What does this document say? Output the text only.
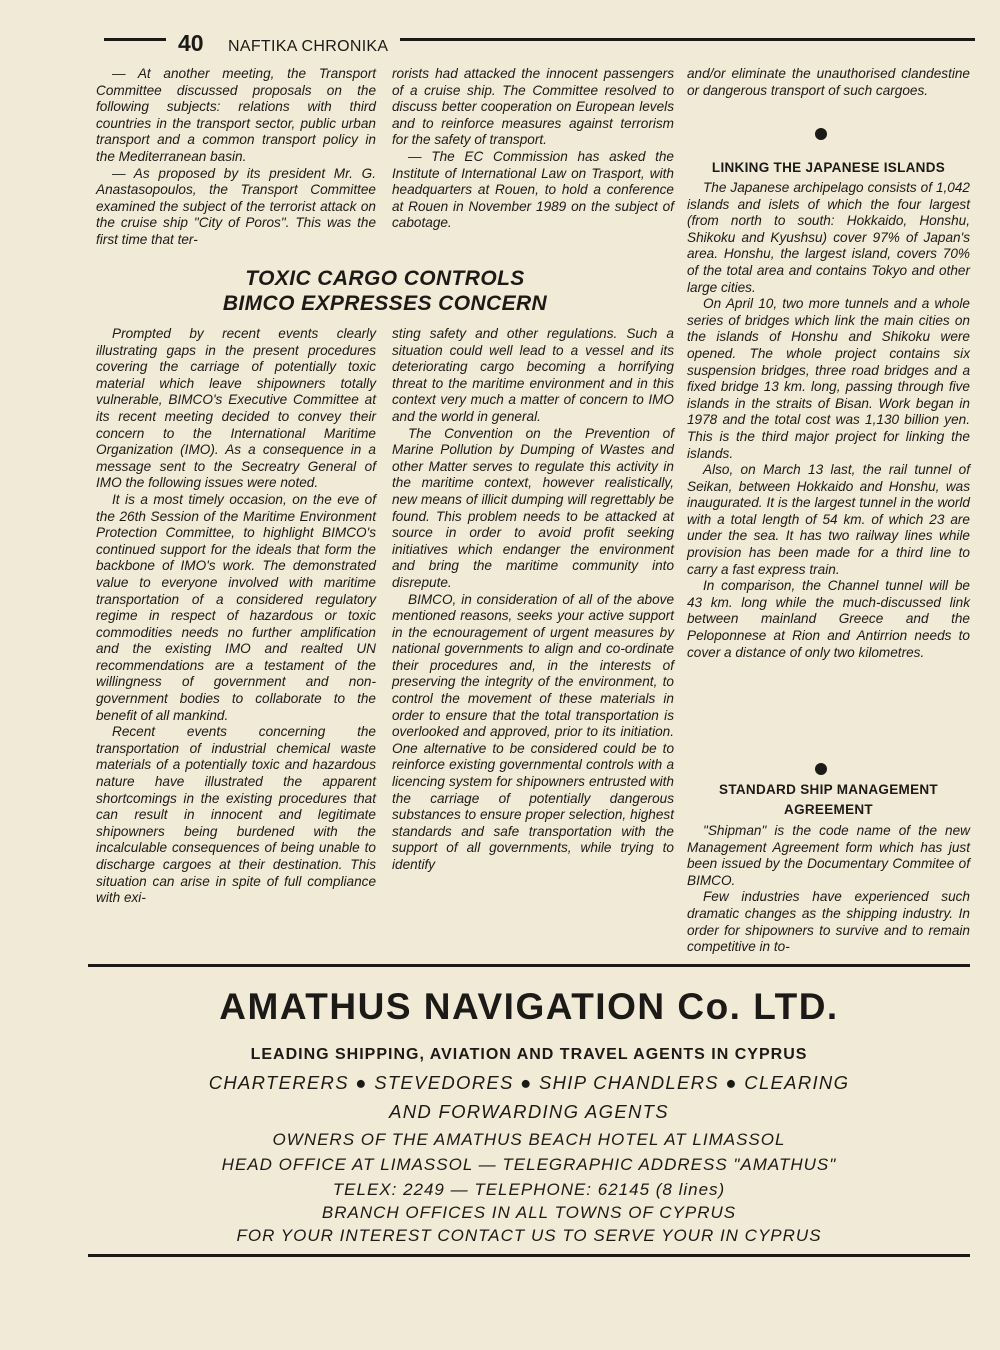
40 NAFTIKA CHRONIKA

— At another meeting, the Transport Committee discussed proposals on the following subjects: relations with third countries in the transport sector, public urban transport and a common transport policy in the Mediterranean basin.

— As proposed by its president Mr. G. Anastasopoulos, the Transport Committee examined the subject of the terrorist attack on the cruise ship "City of Poros". This was the first time that ter-

rorists had attacked the innocent passengers of a cruise ship. The Committee resolved to discuss better cooperation on European levels and to reinforce measures against terrorism for the safety of transport.

— The EC Commission has asked the Institute of International Law on Trasport, with headquarters at Rouen, to hold a conference at Rouen in November 1989 on the subject of cabotage.

and/or eliminate the unauthorised clandestine or dangerous transport of such cargoes.

TOXIC CARGO CONTROLS
BIMCO EXPRESSES CONCERN

Prompted by recent events clearly illustrating gaps in the present procedures covering the carriage of potentially toxic material which leave shipowners totally vulnerable, BIMCO's Executive Committee at its recent meeting decided to convey their concern to the International Maritime Organization (IMO). As a consequence in a message sent to the Secreatry General of IMO the following issues were noted.

It is a most timely occasion, on the eve of the 26th Session of the Maritime Environment Protection Committee, to highlight BIMCO's continued support for the ideals that form the backbone of IMO's work. The demonstrated value to everyone involved with maritime transportation of a considered regulatory regime in respect of hazardous or toxic commodities needs no further amplification and the existing IMO and realted UN recommendations are a testament of the willingness of government and non-government bodies to collaborate to the benefit of all mankind.

Recent events concerning the transportation of industrial chemical waste materials of a potentially toxic and hazardous nature have illustrated the apparent shortcomings in the existing procedures that can result in innocent and legitimate shipowners being burdened with the incalculable consequences of being unable to discharge cargoes at their destination. This situation can arise in spite of full compliance with exi-

sting safety and other regulations. Such a situation could well lead to a vessel and its deteriorating cargo becoming a horrifying threat to the maritime environment and in this context very much a matter of concern to IMO and the world in general.

The Convention on the Prevention of Marine Pollution by Dumping of Wastes and other Matter serves to regulate this activity in the maritime context, however realistically, new means of illicit dumping will regrettably be found. This problem needs to be attacked at source in order to avoid profit seeking initiatives which endanger the environment and bring the maritime community into disrepute.

BIMCO, in consideration of all of the above mentioned reasons, seeks your active support in the ecnouragement of urgent measures by national governments to align and co-ordinate their procedures and, in the interests of preserving the integrity of the environment, to control the movement of these materials in order to ensure that the total transportation is overlooked and approved, prior to its initiation. One alternative to be considered could be to reinforce existing governmental controls with a licencing system for shipowners entrusted with the carriage of potentially dangerous substances to ensure proper selection, highest standards and safe transportation with the support of all governments, while trying to identify

LINKING THE JAPANESE ISLANDS

The Japanese archipelago consists of 1,042 islands and islets of which the four largest (from north to south: Hokkaido, Honshu, Shikoku and Kyushsu) cover 97% of Japan's area. Honshu, the largest island, covers 70% of the total area and contains Tokyo and other large cities.

On April 10, two more tunnels and a whole series of bridges which link the main cities on the islands of Honshu and Shikoku were opened. The whole project contains six suspension bridges, three road bridges and a fixed bridge 13 km. long, passing through five islands in the straits of Bisan. Work began in 1978 and the total cost was 1,130 billion yen. This is the third major project for linking the islands.

Also, on March 13 last, the rail tunnel of Seikan, between Hokkaido and Honshu, was inaugurated. It is the largest tunnel in the world with a total length of 54 km. of which 23 are under the sea. It has two railway lines while provision has been made for a third line to carry a fast express train.

In comparison, the Channel tunnel will be 43 km. long while the much-discussed link between mainland Greece and the Peloponnese at Rion and Antirrion needs to cover a distance of only two kilometres.

STANDARD SHIP MANAGEMENT
AGREEMENT

"Shipman" is the code name of the new Management Agreement form which has just been issued by the Documentary Commitee of BIMCO.

Few industries have experienced such dramatic changes as the shipping industry. In order for shipowners to survive and to remain competitive in to-

AMATHUS NAVIGATION Co. LTD.
LEADING SHIPPING, AVIATION AND TRAVEL AGENTS IN CYPRUS
CHARTERERS ● STEVEDORES ● SHIP CHANDLERS ● CLEARING
AND FORWARDING AGENTS
OWNERS OF THE AMATHUS BEACH HOTEL AT LIMASSOL
HEAD OFFICE AT LIMASSOL — TELEGRAPHIC ADDRESS "AMATHUS"
TELEX: 2249 — TELEPHONE: 62145 (8 lines)
BRANCH OFFICES IN ALL TOWNS OF CYPRUS
FOR YOUR INTEREST CONTACT US TO SERVE YOUR IN CYPRUS
